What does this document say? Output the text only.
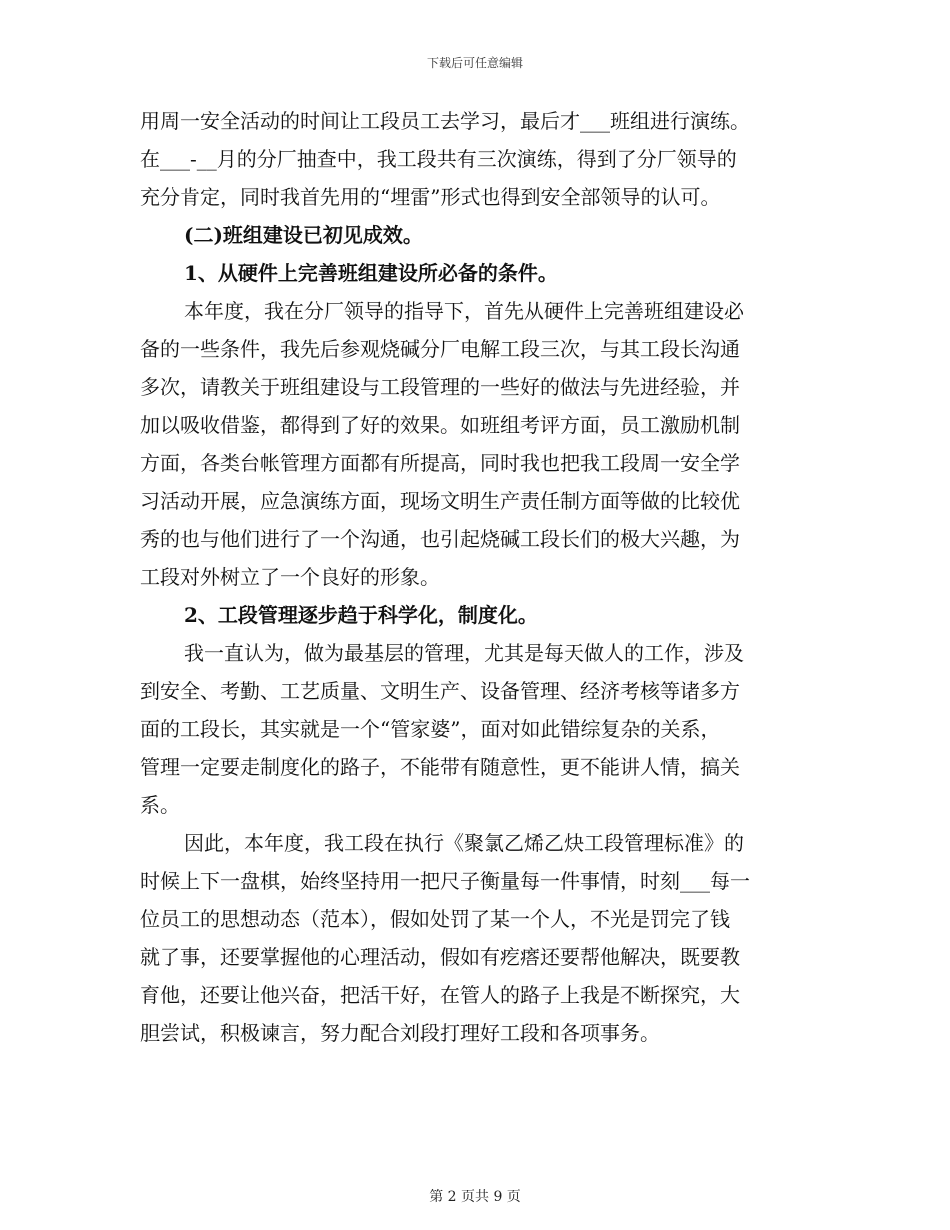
下载后可任意编辑
用周一安全活动的时间让工段员工去学习，最后才___班组进行演练。
在___-__月的分厂抽查中，我工段共有三次演练，得到了分厂领导的
充分肯定，同时我首先用的“埋雷”形式也得到安全部领导的认可。
(二)班组建设已初见成效。
1、从硬件上完善班组建设所必备的条件。
本年度，我在分厂领导的指导下，首先从硬件上完善班组建设必
备的一些条件，我先后参观烧碱分厂电解工段三次，与其工段长沟通
多次，请教关于班组建设与工段管理的一些好的做法与先进经验，并
加以吸收借鉴，都得到了好的效果。如班组考评方面，员工激励机制
方面，各类台帐管理方面都有所提高，同时我也把我工段周一安全学
习活动开展，应急演练方面，现场文明生产责任制方面等做的比较优
秀的也与他们进行了一个沟通，也引起烧碱工段长们的极大兴趣，为
工段对外树立了一个良好的形象。
2、工段管理逐步趋于科学化，制度化。
我一直认为，做为最基层的管理，尤其是每天做人的工作，涉及
到安全、考勤、工艺质量、文明生产、设备管理、经济考核等诸多方
面的工段长，其实就是一个“管家婆”，面对如此错综复杂的关系，
管理一定要走制度化的路子，不能带有随意性，更不能讲人情，搞关
系。
因此，本年度，我工段在执行《聚氯乙烯乙炔工段管理标准》的
时候上下一盘棋，始终坚持用一把尺子衡量每一件事情，时刻___每一
位员工的思想动态（范本），假如处罚了某一个人，不光是罚完了钱
就了事，还要掌握他的心理活动，假如有疙瘩还要帮他解决，既要教
育他，还要让他兴奋，把活干好，在管人的路子上我是不断探究，大
胆尝试，积极谏言，努力配合刘段打理好工段和各项事务。
第 2 页共 9 页
